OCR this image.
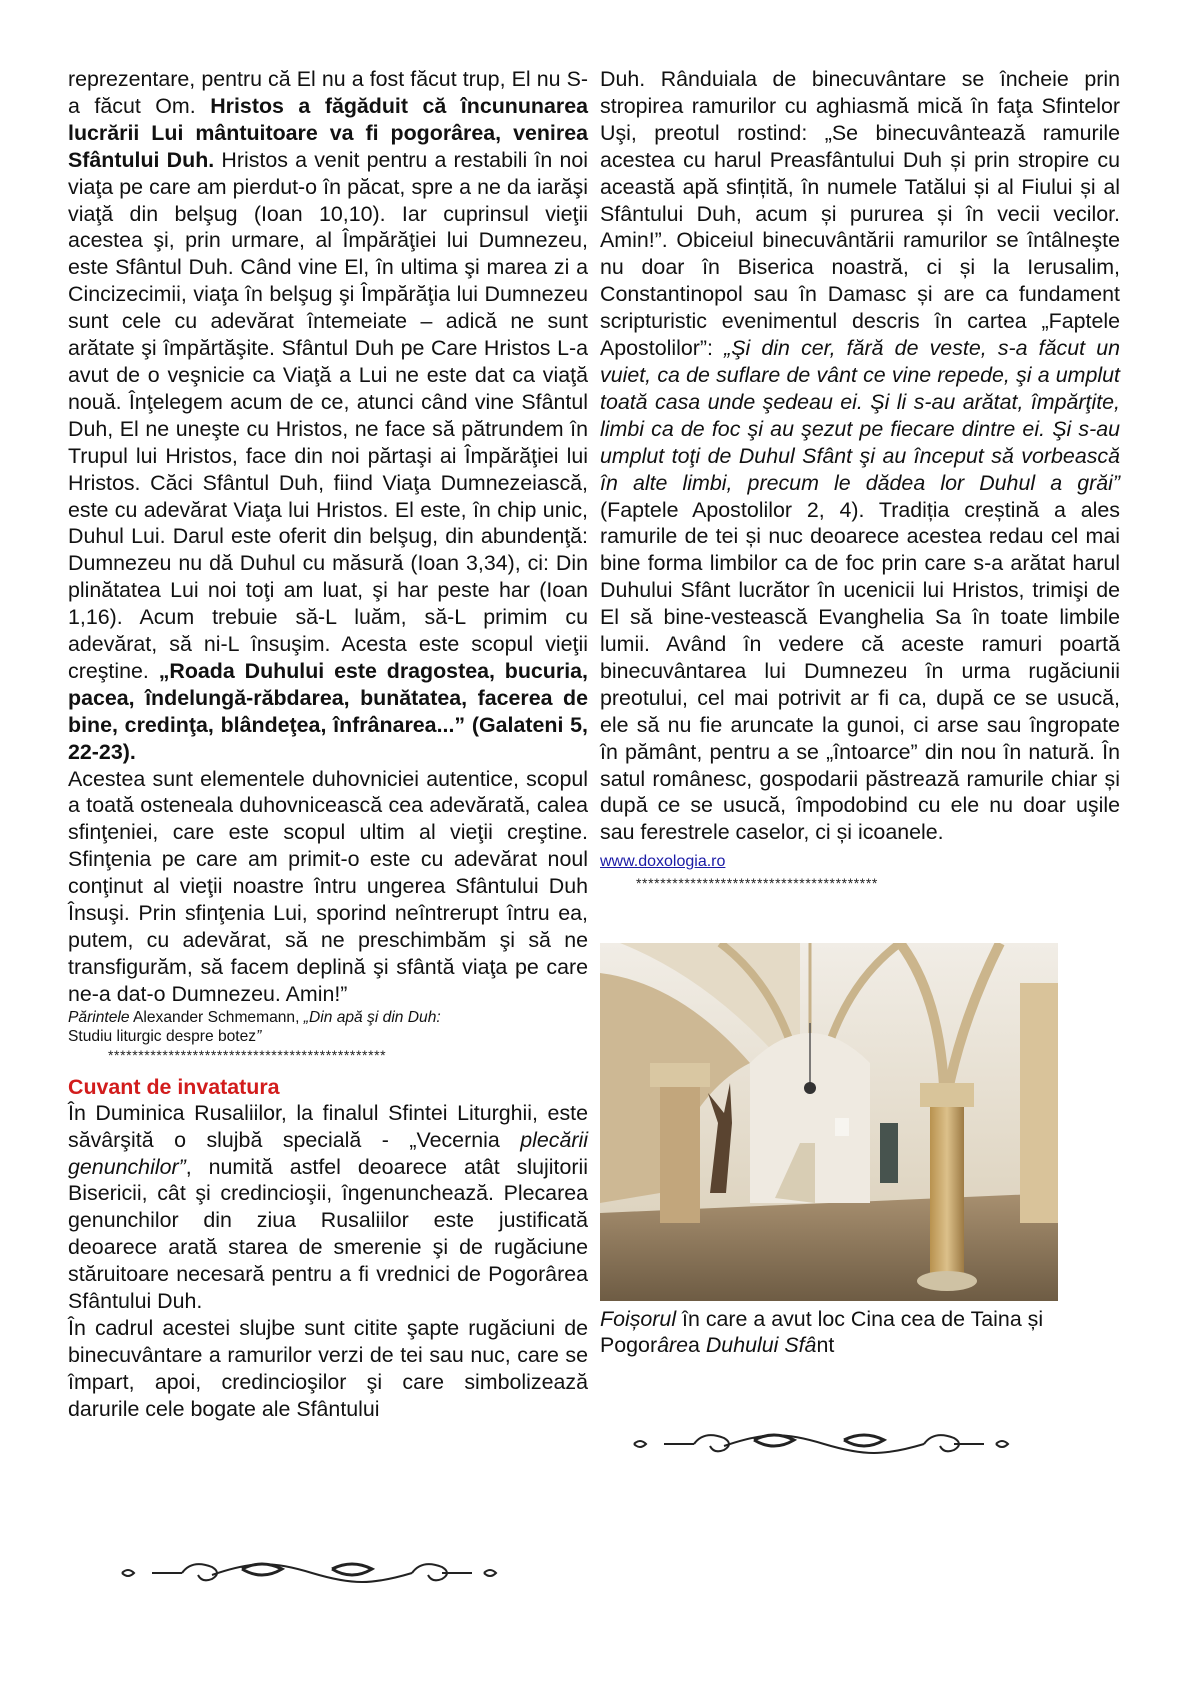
reprezentare, pentru că El nu a fost făcut trup, El nu S-a făcut Om. Hristos a făgăduit că încununarea lucrării Lui mântuitoare va fi pogorârea, venirea Sfântului Duh. Hristos a venit pentru a restabili în noi viaţa pe care am pierdut-o în păcat, spre a ne da iarăşi viaţă din belşug (Ioan 10,10). Iar cuprinsul vieţii acestea şi, prin urmare, al Împărăţiei lui Dumnezeu, este Sfântul Duh. Când vine El, în ultima şi marea zi a Cincizecimii, viaţa în belşug şi Împărăţia lui Dumnezeu sunt cele cu adevărat întemeiate – adică ne sunt arătate şi împărtăşite. Sfântul Duh pe Care Hristos L-a avut de o veşnicie ca Viaţă a Lui ne este dat ca viaţă nouă. Înţelegem acum de ce, atunci când vine Sfântul Duh, El ne uneşte cu Hristos, ne face să pătrundem în Trupul lui Hristos, face din noi părtaşi ai Împărăţiei lui Hristos. Căci Sfântul Duh, fiind Viaţa Dumnezeiască, este cu adevărat Viaţa lui Hristos. El este, în chip unic, Duhul Lui. Darul este oferit din belşug, din abundenţă: Dumnezeu nu dă Duhul cu măsură (Ioan 3,34), ci: Din plinătatea Lui noi toţi am luat, şi har peste har (Ioan 1,16). Acum trebuie să-L luăm, să-L primim cu adevărat, să ni-L însuşim. Acesta este scopul vieţii creştine. „Roada Duhului este dragostea, bucuria, pacea, îndelungă-răbdarea, bunătatea, facerea de bine, credinţa, blândeţea, înfrânarea...” (Galateni 5, 22-23).

Acestea sunt elementele duhovniciei autentice, scopul a toată osteneala duhovnicească cea adevărată, calea sfinţeniei, care este scopul ultim al vieţii creştine. Sfinţenia pe care am primit-o este cu adevărat noul conţinut al vieţii noastre întru ungerea Sfântului Duh Însuşi. Prin sfinţenia Lui, sporind neîntrerupt întru ea, putem, cu adevărat, să ne preschimbăm şi să ne transfigurăm, să facem deplină şi sfântă viaţa pe care ne-a dat-o Dumnezeu. Amin!”

Părintele Alexander Schmemann, „Din apă şi din Duh:
Studiu liturgic despre botez”

**********************************************
Cuvant de invatatura

În Duminica Rusaliilor, la finalul Sfintei Liturghii, este săvârşită o slujbă specială - „Vecernia plecării genunchilor”, numită astfel deoarece atât slujitorii Bisericii, cât şi credincioşii, îngenunchează. Plecarea genunchilor din ziua Rusaliilor este justificată deoarece arată starea de smerenie şi de rugăciune stăruitoare necesară pentru a fi vrednici de Pogorârea Sfântului Duh.

În cadrul acestei slujbe sunt citite şapte rugăciuni de binecuvântare a ramurilor verzi de tei sau nuc, care se împart, apoi, credincioşilor şi care simbolizează darurile cele bogate ale Sfântului

Duh. Rânduiala de binecuvântare se încheie prin stropirea ramurilor cu aghiasmă mică în faţa Sfintelor Uşi, preotul rostind: „Se binecuvântează ramurile acestea cu harul Preasfântului Duh și prin stropire cu această apă sfințită, în numele Tatălui și al Fiului și al Sfântului Duh, acum și pururea și în vecii vecilor. Amin!”. Obiceiul binecuvântării ramurilor se întâlneşte nu doar în Biserica noastră, ci și la Ierusalim, Constantinopol sau în Damasc și are ca fundament scripturistic evenimentul descris în cartea „Faptele Apostolilor”: „Şi din cer, fără de veste, s-a făcut un vuiet, ca de suflare de vânt ce vine repede, şi a umplut toată casa unde şedeau ei. Şi li s-au arătat, împărţite, limbi ca de foc şi au şezut pe fiecare dintre ei. Şi s-au umplut toţi de Duhul Sfânt şi au început să vorbească în alte limbi, precum le dădea lor Duhul a grăi” (Faptele Apostolilor 2, 4). Tradiția creștină a ales ramurile de tei și nuc deoarece acestea redau cel mai bine forma limbilor ca de foc prin care s-a arătat harul Duhului Sfânt lucrător în ucenicii lui Hristos, trimişi de El să bine-vestească Evanghelia Sa în toate limbile lumii. Având în vedere că aceste ramuri poartă binecuvântarea lui Dumnezeu în urma rugăciunii preotului, cel mai potrivit ar fi ca, după ce se usucă, ele să nu fie aruncate la gunoi, ci arse sau îngropate în pământ, pentru a se „întoarce” din nou în natură. În satul românesc, gospodarii păstrează ramurile chiar și după ce se usucă, împodobind cu ele nu doar uşile sau ferestrele caselor, ci și icoanele.

www.doxologia.ro
****************************************
Foișorul în care a avut loc Cina cea de Taina și Pogorârea Duhului Sfânt
